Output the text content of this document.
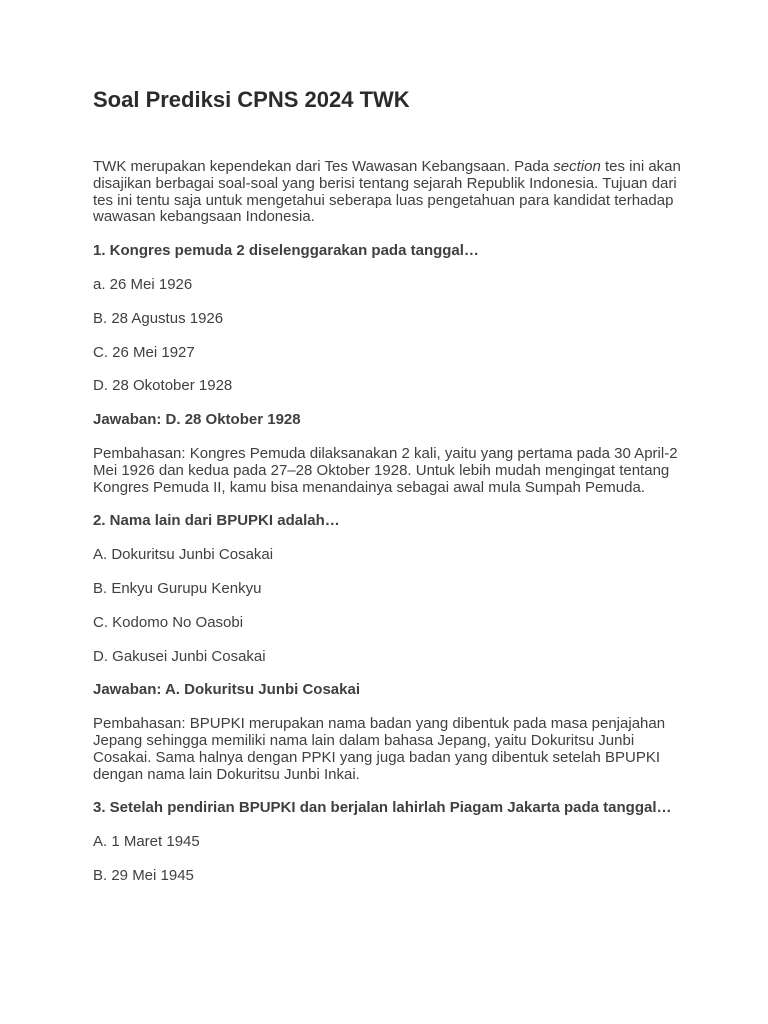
Soal Prediksi CPNS 2024 TWK

TWK merupakan kependekan dari Tes Wawasan Kebangsaan. Pada section tes ini akan disajikan berbagai soal-soal yang berisi tentang sejarah Republik Indonesia. Tujuan dari tes ini tentu saja untuk mengetahui seberapa luas pengetahuan para kandidat terhadap wawasan kebangsaan Indonesia.

1. Kongres pemuda 2 diselenggarakan pada tanggal…

a. 26 Mei 1926

B. 28 Agustus 1926

C. 26 Mei 1927

D. 28 Okotober 1928

Jawaban: D. 28 Oktober 1928

Pembahasan: Kongres Pemuda dilaksanakan 2 kali, yaitu yang pertama pada 30 April-2 Mei 1926 dan kedua pada 27–28 Oktober 1928. Untuk lebih mudah mengingat tentang Kongres Pemuda II, kamu bisa menandainya sebagai awal mula Sumpah Pemuda.

2. Nama lain dari BPUPKI adalah…

A. Dokuritsu Junbi Cosakai

B. Enkyu Gurupu Kenkyu

C. Kodomo No Oasobi

D. Gakusei Junbi Cosakai

Jawaban: A. Dokuritsu Junbi Cosakai

Pembahasan: BPUPKI merupakan nama badan yang dibentuk pada masa penjajahan Jepang sehingga memiliki nama lain dalam bahasa Jepang, yaitu Dokuritsu Junbi Cosakai. Sama halnya dengan PPKI yang juga badan yang dibentuk setelah BPUPKI dengan nama lain Dokuritsu Junbi Inkai.

3. Setelah pendirian BPUPKI dan berjalan lahirlah Piagam Jakarta pada tanggal…

A. 1 Maret 1945

B. 29 Mei 1945
